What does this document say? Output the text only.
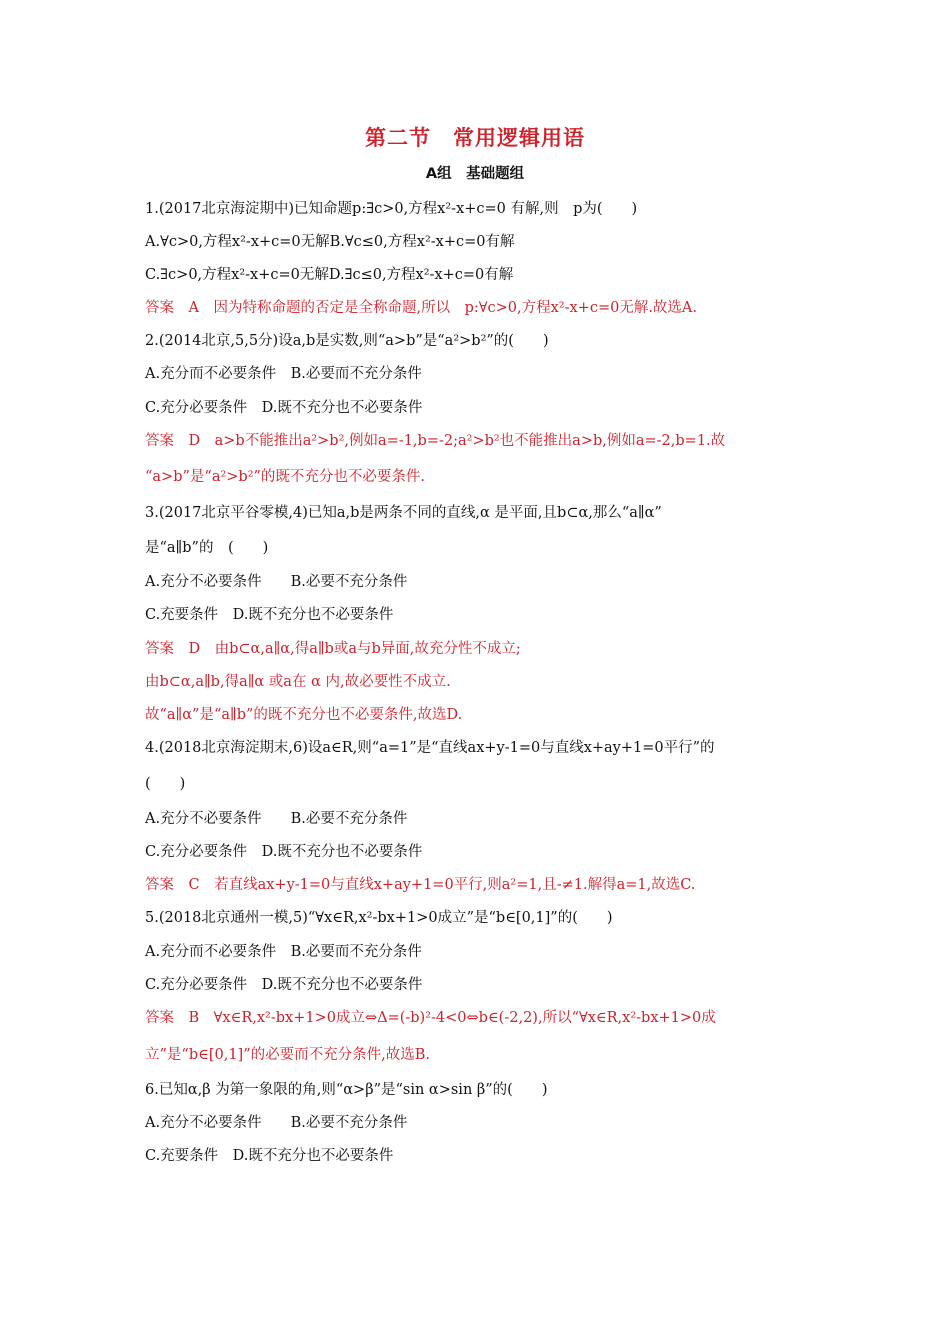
第二节　常用逻辑用语
A组　基础题组
1.(2017北京海淀期中)已知命题p:∃c>0,方程x²-x+c=0 有解,则　p为(　　)
A.∀c>0,方程x²-x+c=0无解B.∀c≤0,方程x²-x+c=0有解
C.∃c>0,方程x²-x+c=0无解D.∃c≤0,方程x²-x+c=0有解
答案　A　因为特称命题的否定是全称命题,所以　p:∀c>0,方程x²-x+c=0无解.故选A.
2.(2014北京,5,5分)设a,b是实数,则“a>b”是“a²>b²”的(　　)
A.充分而不必要条件　B.必要而不充分条件
C.充分必要条件　D.既不充分也不必要条件
答案　D　a>b不能推出a²>b²,例如a=-1,b=-2;a²>b²也不能推出a>b,例如a=-2,b=1.故
“a>b”是“a²>b²”的既不充分也不必要条件.
3.(2017北京平谷零模,4)已知a,b是两条不同的直线,α 是平面,且b⊂α,那么“a∥α”
是“a∥b”的　(　　)
A.充分不必要条件　　B.必要不充分条件
C.充要条件　D.既不充分也不必要条件
答案　D　由b⊂α,a∥α,得a∥b或a与b异面,故充分性不成立;
由b⊂α,a∥b,得a∥α 或a在 α 内,故必要性不成立.
故“a∥α”是“a∥b”的既不充分也不必要条件,故选D.
4.(2018北京海淀期末,6)设a∈R,则“a=1”是“直线ax+y-1=0与直线x+ay+1=0平行”的
(　　)
A.充分不必要条件　　B.必要不充分条件
C.充分必要条件　D.既不充分也不必要条件
答案　C　若直线ax+y-1=0与直线x+ay+1=0平行,则a²=1,且-≠1.解得a=1,故选C.
5.(2018北京通州一模,5)“∀x∈R,x²-bx+1>0成立”是“b∈[0,1]”的(　　)
A.充分而不必要条件　B.必要而不充分条件
C.充分必要条件　D.既不充分也不必要条件
答案　B　∀x∈R,x²-bx+1>0成立⇔Δ=(-b)²-4<0⇔b∈(-2,2),所以“∀x∈R,x²-bx+1>0成
立”是“b∈[0,1]”的必要而不充分条件,故选B.
6.已知α,β 为第一象限的角,则“α>β”是“sin α>sin β”的(　　)
A.充分不必要条件　　B.必要不充分条件
C.充要条件　D.既不充分也不必要条件
